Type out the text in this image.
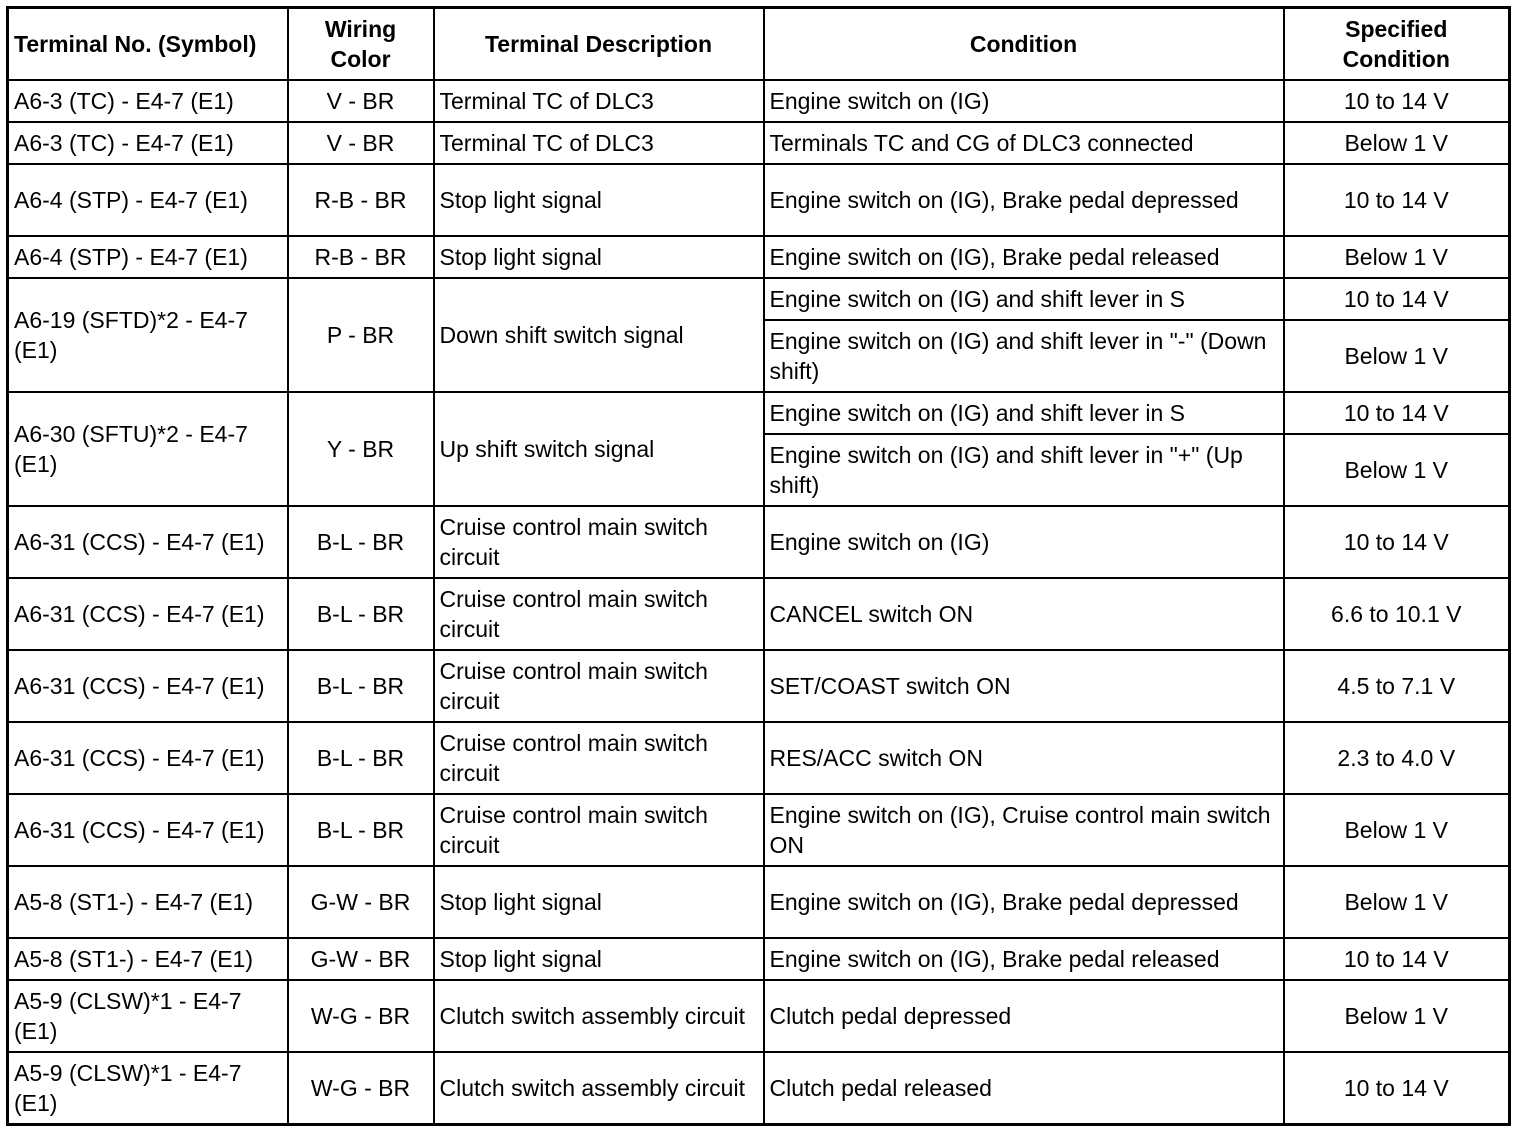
Terminal No. (Symbol)	Wiring Color	Terminal Description	Condition	Specified Condition
A6-3 (TC) - E4-7 (E1)	V - BR	Terminal TC of DLC3	Engine switch on (IG)	10 to 14 V
A6-3 (TC) - E4-7 (E1)	V - BR	Terminal TC of DLC3	Terminals TC and CG of DLC3 connected	Below 1 V
A6-4 (STP) - E4-7 (E1)	R-B - BR	Stop light signal	Engine switch on (IG), Brake pedal depressed	10 to 14 V
A6-4 (STP) - E4-7 (E1)	R-B - BR	Stop light signal	Engine switch on (IG), Brake pedal released	Below 1 V
A6-19 (SFTD)*2 - E4-7 (E1)	P - BR	Down shift switch signal	Engine switch on (IG) and shift lever in S	10 to 14 V
			Engine switch on (IG) and shift lever in "-" (Down shift)	Below 1 V
A6-30 (SFTU)*2 - E4-7 (E1)	Y - BR	Up shift switch signal	Engine switch on (IG) and shift lever in S	10 to 14 V
			Engine switch on (IG) and shift lever in "+" (Up shift)	Below 1 V
A6-31 (CCS) - E4-7 (E1)	B-L - BR	Cruise control main switch circuit	Engine switch on (IG)	10 to 14 V
A6-31 (CCS) - E4-7 (E1)	B-L - BR	Cruise control main switch circuit	CANCEL switch ON	6.6 to 10.1 V
A6-31 (CCS) - E4-7 (E1)	B-L - BR	Cruise control main switch circuit	SET/COAST switch ON	4.5 to 7.1 V
A6-31 (CCS) - E4-7 (E1)	B-L - BR	Cruise control main switch circuit	RES/ACC switch ON	2.3 to 4.0 V
A6-31 (CCS) - E4-7 (E1)	B-L - BR	Cruise control main switch circuit	Engine switch on (IG), Cruise control main switch ON	Below 1 V
A5-8 (ST1-) - E4-7 (E1)	G-W - BR	Stop light signal	Engine switch on (IG), Brake pedal depressed	Below 1 V
A5-8 (ST1-) - E4-7 (E1)	G-W - BR	Stop light signal	Engine switch on (IG), Brake pedal released	10 to 14 V
A5-9 (CLSW)*1 - E4-7 (E1)	W-G - BR	Clutch switch assembly circuit	Clutch pedal depressed	Below 1 V
A5-9 (CLSW)*1 - E4-7 (E1)	W-G - BR	Clutch switch assembly circuit	Clutch pedal released	10 to 14 V
